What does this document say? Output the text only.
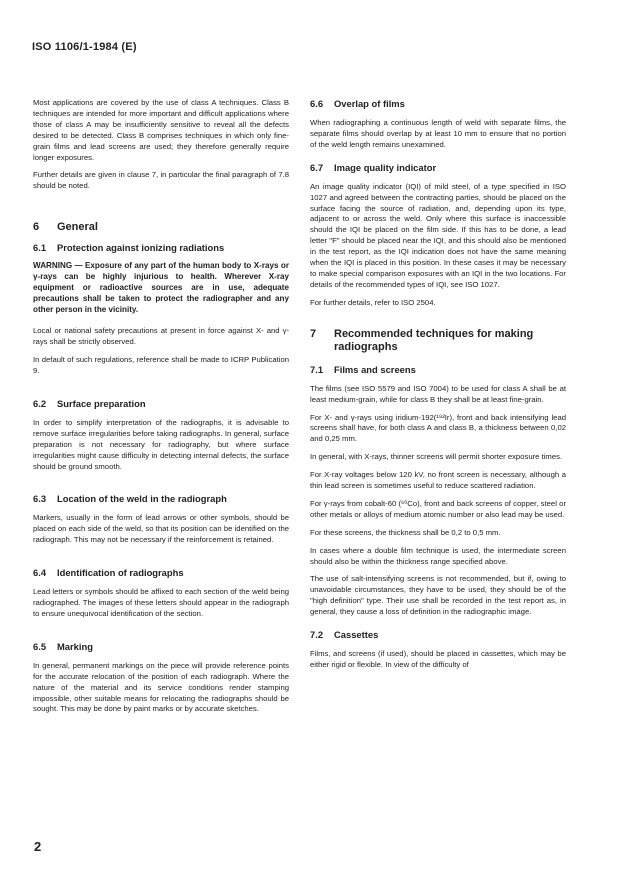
ISO 1106/1-1984 (E)

Most applications are covered by the use of class A techniques. Class B techniques are intended for more important and difficult applications where those of class A may be insufficiently sensitive to reveal all the defects desired to be detected. Class B comprises techniques in which only fine-grain films and lead screens are used; they therefore generally require longer exposures.

Further details are given in clause 7, in particular the final paragraph of 7.8 should be noted.

6 General
6.1 Protection against ionizing radiations

WARNING — Exposure of any part of the human body to X-rays or γ-rays can be highly injurious to health. Wherever X-ray equipment or radioactive sources are in use, adequate precautions shall be taken to protect the radiographer and any other person in the vicinity.

Local or national safety precautions at present in force against X- and γ-rays shall be strictly observed.

In default of such regulations, reference shall be made to ICRP Publication 9.

6.2 Surface preparation

In order to simplify interpretation of the radiographs, it is advisable to remove surface irregularities before taking radiographs. In general, surface preparation is not necessary for radiography, but where surface irregularities might cause difficulty in detecting internal defects, the surface should be ground smooth.

6.3 Location of the weld in the radiograph

Markers, usually in the form of lead arrows or other symbols, should be placed on each side of the weld, so that its position can be identified on the radiograph. This may not be necessary if the reinforcement is retained.

6.4 Identification of radiographs

Lead letters or symbols should be affixed to each section of the weld being radiographed. The images of these letters should appear in the radiograph to ensure unequivocal identification of the section.

6.5 Marking

In general, permanent markings on the piece will provide reference points for the accurate relocation of the position of each radiograph. Where the nature of the material and its service conditions render stamping impossible, other suitable means for relocating the radiographs should be sought. This may be done by paint marks or by accurate sketches.

6.6 Overlap of films

When radiographing a continuous length of weld with separate films, the separate films should overlap by at least 10 mm to ensure that no portion of the weld length remains unexamined.

6.7 Image quality indicator

An image quality indicator (IQI) of mild steel, of a type specified in ISO 1027 and agreed between the contracting parties, should be placed on the surface facing the source of radiation, and, depending upon its type, adjacent to or across the weld. Only where this surface is inaccessible should the IQI be placed on the film side. If this has to be done, a lead letter "F" should be placed near the IQI, and this should also be mentioned in the test report, as the IQI indication does not have the same meaning when the IQI is placed in this position. In these cases it may be necessary to make special comparison exposures with an IQI in the two locations. For details of the recommended types of IQI, see ISO 1027.

For further details, refer to ISO 2504.

7	Recommended techniques for making radiographs
7.1 Films and screens

The films (see ISO 5579 and ISO 7004) to be used for class A shall be at least medium-grain, while for class B they shall be at least fine-grain.

For X- and γ-rays using iridium-192(¹⁹²Ir), front and back intensifying lead screens shall have, for both class A and class B, a thickness between 0,02 and 0,25 mm.

In general, with X-rays, thinner screens will permit shorter exposure times.

For X-ray voltages below 120 kV, no front screen is necessary, although a thin lead screen is sometimes useful to reduce scattered radiation.

For γ-rays from cobalt-60 (⁶⁰Co), front and back screens of copper, steel or other metals or alloys of medium atomic number or also lead may be used.

For these screens, the thickness shall be 0,2 to 0,5 mm.

In cases where a double film technique is used, the intermediate screen should also be within the thickness range specified above.

The use of salt-intensifying screens is not recommended, but if, owing to unavoidable circumstances, they have to be used, they should be of the "high definition" type. Their use shall be recorded in the test report as, in general, they cause a loss of definition in the radiographic image.

7.2 Cassettes

Films, and screens (if used), should be placed in cassettes, which may be either rigid or flexible. In view of the difficulty of

2
